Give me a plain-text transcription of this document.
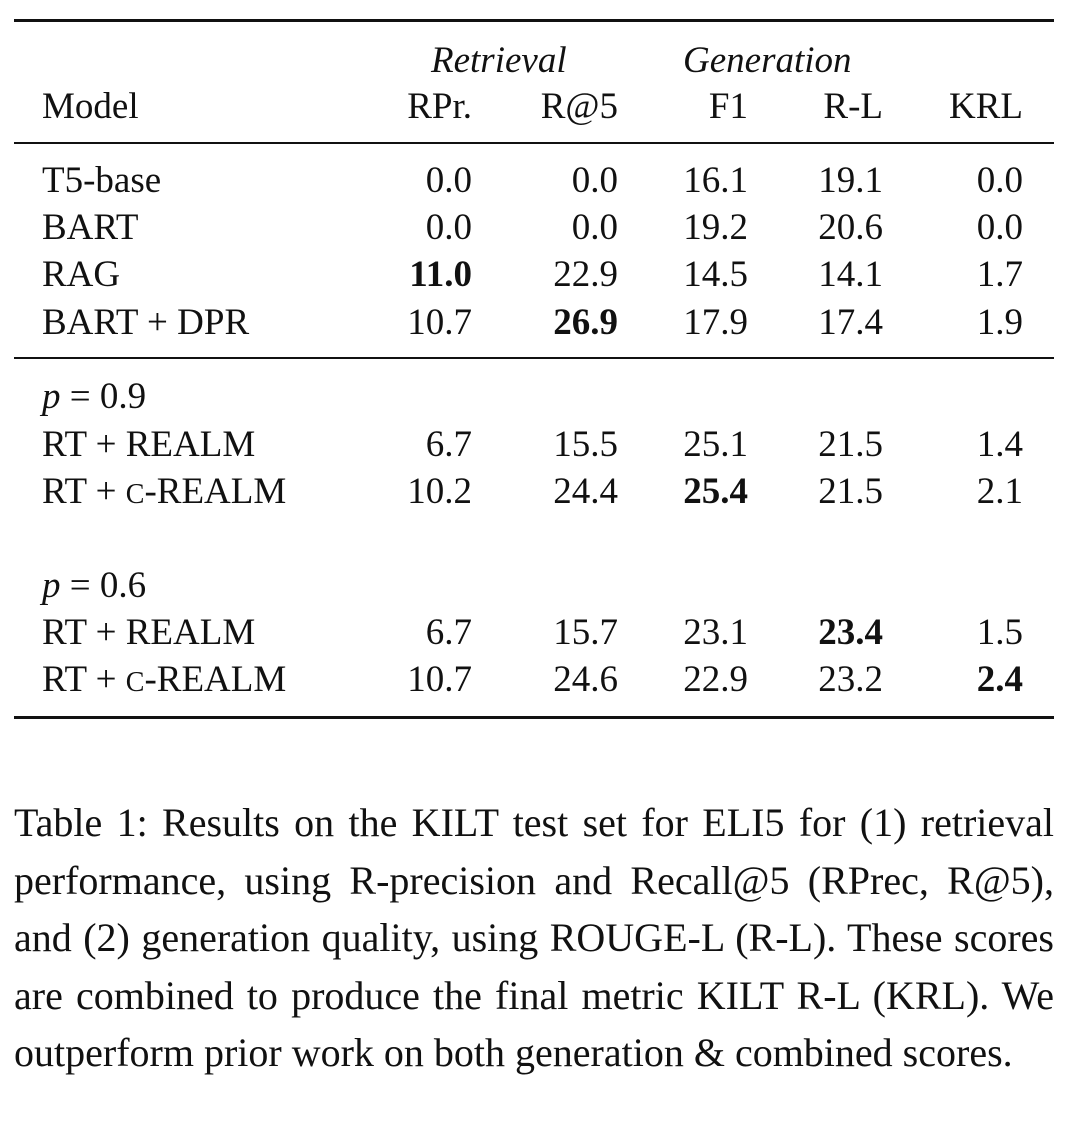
Retrieval	Generation
Model	RPr. R@5 F1 R-L KRL
T5-base	0.0	0.0 16.1 19.1	0.0
BART	0.0	0.0 19.2 20.6	0.0
RAG	11.0 22.9 14.5 14.1	1.7
BART + DPR	10.7 26.9 17.9 17.4	1.9
p = 0.9
RT + REALM	6.7 15.5 25.1 21.5	1.4
RT + C-REALM	10.2 24.4 25.4 21.5	2.1
p = 0.6
RT + REALM	6.7 15.7 23.1 23.4	1.5
RT + C-REALM	10.7 24.6 22.9 23.2	2.4
Table 1: Results on the KILT test set for ELI5 for (1) retrieval performance, using R-precision and Recall@5 (RPrec, R@5), and (2) generation quality, using ROUGE-L (R-L). These scores are combined to produce the final metric KILT R-L (KRL). We outperform prior work on both generation & combined scores.
